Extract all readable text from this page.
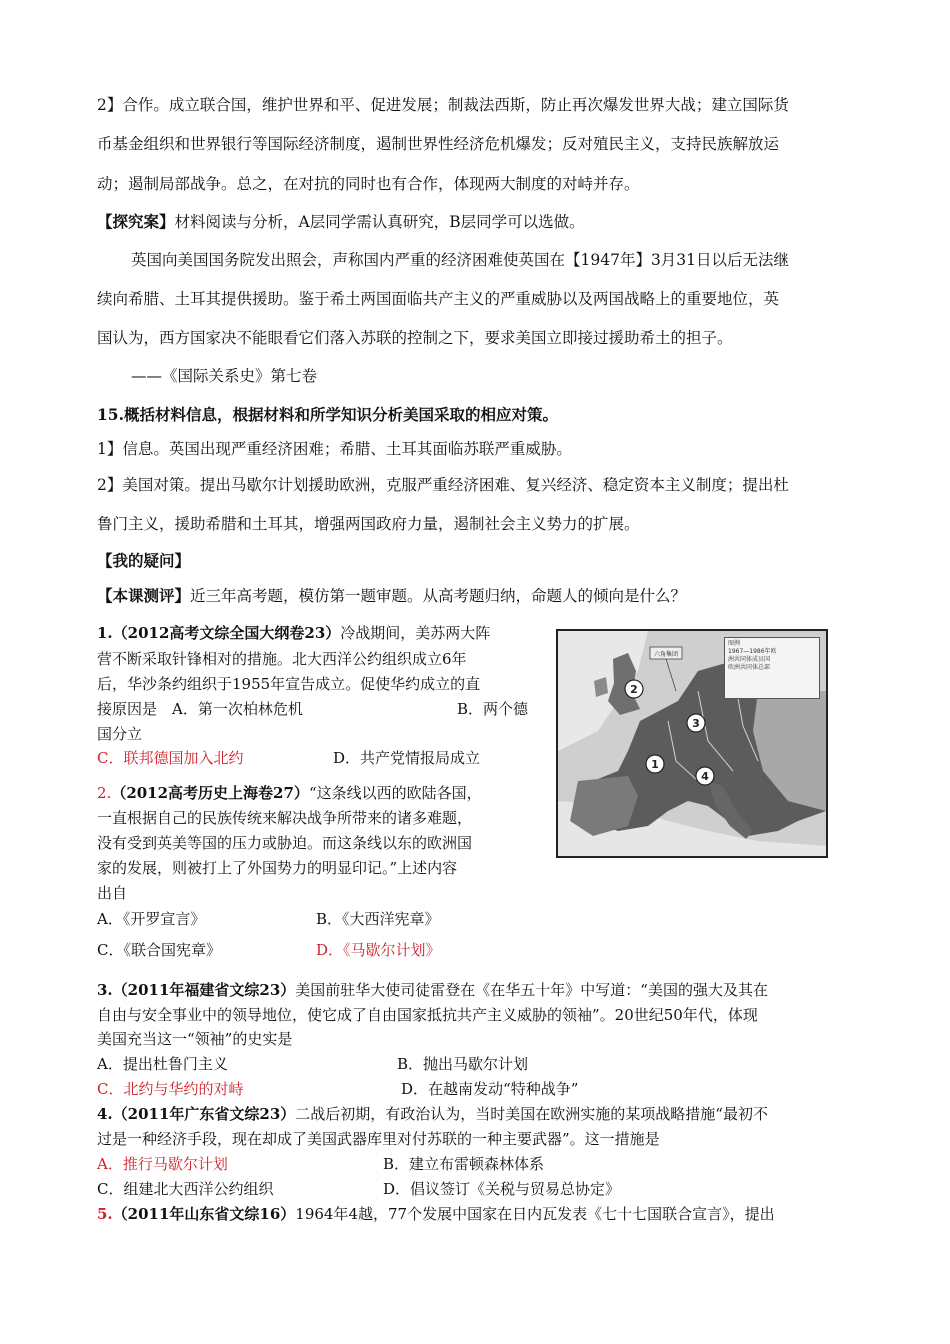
2】合作。成立联合国，维护世界和平、促进发展；制裁法西斯，防止再次爆发世界大战；建立国际货
币基金组织和世界银行等国际经济制度，遏制世界性经济危机爆发；反对殖民主义，支持民族解放运
动；遏制局部战争。总之，在对抗的同时也有合作，体现两大制度的对峙并存。
【探究案】材料阅读与分析，A层同学需认真研究，B层同学可以选做。
英国向美国国务院发出照会，声称国内严重的经济困难使英国在【1947年】3月31日以后无法继
续向希腊、土耳其提供援助。鉴于希土两国面临共产主义的严重威胁以及两国战略上的重要地位，英
国认为，西方国家决不能眼看它们落入苏联的控制之下，要求美国立即接过援助希土的担子。
——《国际关系史》第七卷
15.概括材料信息，根据材料和所学知识分析美国采取的相应对策。
1】信息。英国出现严重经济困难；希腊、土耳其面临苏联严重威胁。
2】美国对策。提出马歇尔计划援助欧洲，克服严重经济困难、复兴经济、稳定资本主义制度；提出杜
鲁门主义，援助希腊和土耳其，增强两国政府力量，遏制社会主义势力的扩展。
【我的疑问】
【本课测评】近三年高考题，模仿第一题审题。从高考题归纳，命题人的倾向是什么？
1.（2012高考文综全国大纲卷23）冷战期间，美苏两大阵
营不断采取针锋相对的措施。北大西洋公约组织成立6年
后，华沙条约组织于1955年宣告成立。促使华约成立的直
接原因是　A．第一次柏林危机	B．两个德
国分立
C．联邦德国加入北约	D．共产党情报局成立
2.（2012高考历史上海卷27）“这条线以西的欧陆各国，
一直根据自己的民族传统来解决战争所带来的诸多难题，
没有受到英美等国的压力或胁迫。而这条线以东的欧洲国
家的发展，则被打上了外国势力的明显印记。”上述内容
出自
A．《开罗宣言》	B．《大西洋宪章》
C．《联合国宪章》	D．《马歇尔计划》
2
3
1
4
六角集团
图例
1967—1986年欧
洲共同体成员国
欧洲共同体总部
3.（2011年福建省文综23）美国前驻华大使司徒雷登在《在华五十年》中写道：“美国的强大及其在
自由与安全事业中的领导地位，使它成了自由国家抵抗共产主义威胁的领袖”。20世纪50年代，体现
美国充当这一“领袖”的史实是
A．提出杜鲁门主义	B．抛出马歇尔计划
C．北约与华约的对峙	D．在越南发动“特种战争”
4.（2011年广东省文综23）二战后初期，有政治认为，当时美国在欧洲实施的某项战略措施“最初不
过是一种经济手段，现在却成了美国武器库里对付苏联的一种主要武器”。这一措施是
A．推行马歇尔计划	B．建立布雷顿森林体系
C．组建北大西洋公约组织	D．倡议签订《关税与贸易总协定》
5.（2011年山东省文综16）1964年4越，77个发展中国家在日内瓦发表《七十七国联合宣言》，提出
